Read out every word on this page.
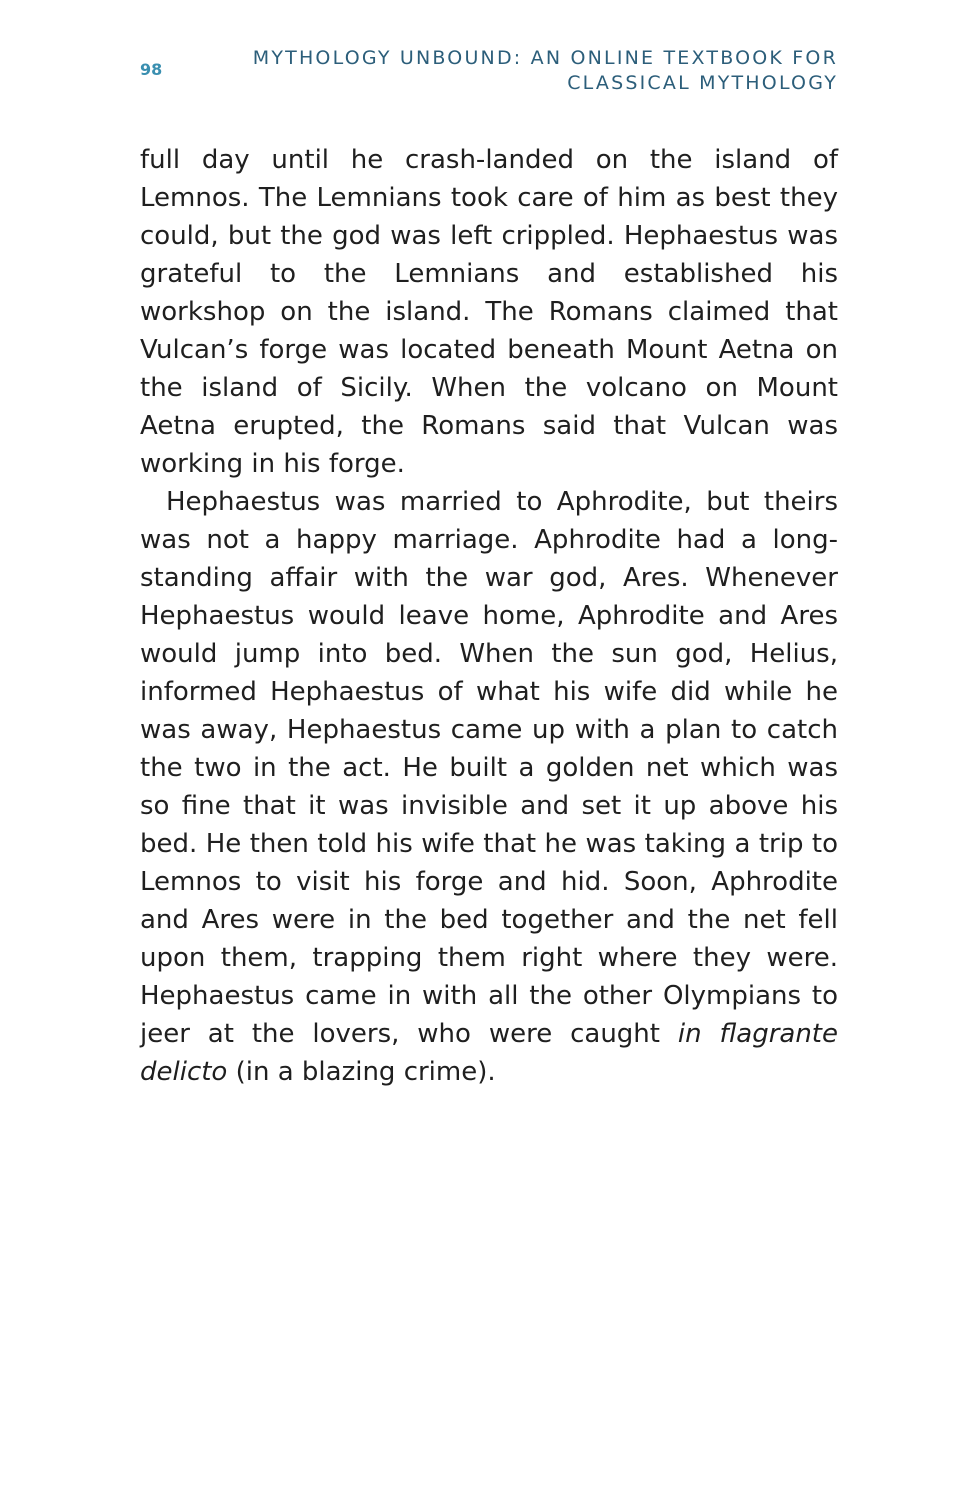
98
MYTHOLOGY UNBOUND: AN ONLINE TEXTBOOK FOR
CLASSICAL MYTHOLOGY

full day until he crash-landed on the island of Lemnos. The Lemnians took care of him as best they could, but the god was left crippled. Hephaestus was grateful to the Lemnians and established his workshop on the island. The Romans claimed that Vulcan’s forge was located beneath Mount Aetna on the island of Sicily. When the volcano on Mount Aetna erupted, the Romans said that Vulcan was working in his forge.

Hephaestus was married to Aphrodite, but theirs was not a happy marriage. Aphrodite had a long-standing affair with the war god, Ares. Whenever Hephaestus would leave home, Aphrodite and Ares would jump into bed. When the sun god, Helius, informed Hephaestus of what his wife did while he was away, Hephaestus came up with a plan to catch the two in the act. He built a golden net which was so fine that it was invisible and set it up above his bed. He then told his wife that he was taking a trip to Lemnos to visit his forge and hid. Soon, Aphrodite and Ares were in the bed together and the net fell upon them, trapping them right where they were. Hephaestus came in with all the other Olympians to jeer at the lovers, who were caught in flagrante delicto (in a blazing crime).
